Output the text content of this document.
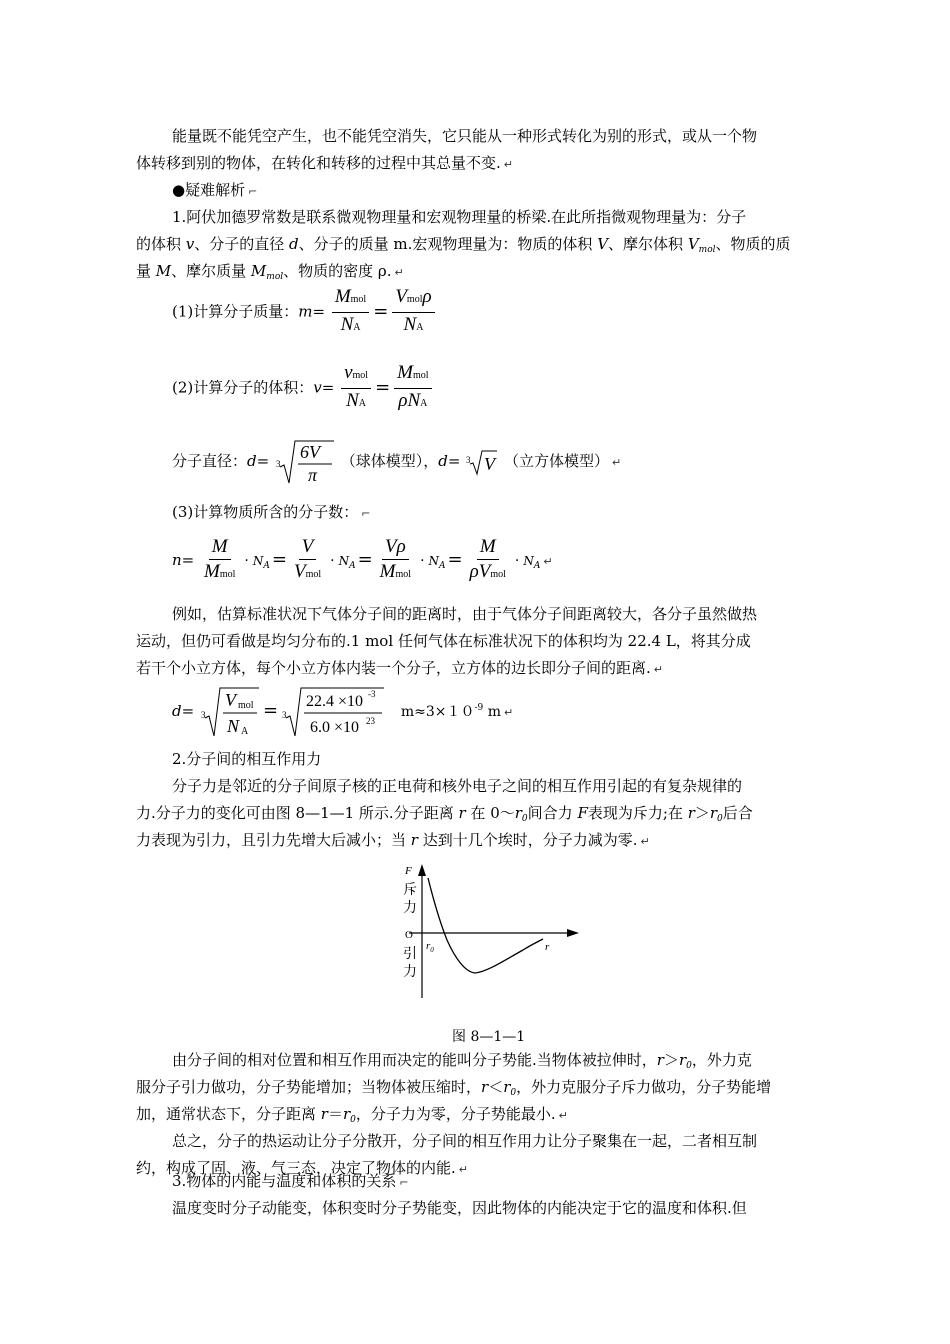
能量既不能凭空产生，也不能凭空消失，它只能从一种形式转化为别的形式，或从一个物
体转移到别的物体，在转化和转移的过程中其总量不变. ↵
●疑难解析 ⌐
1.阿伏加德罗常数是联系微观物理量和宏观物理量的桥梁.在此所指微观物理量为：分子
的体积 v、分子的直径 d、分子的质量 m.宏观物理量为：物质的体积 V、摩尔体积 $V_{mol}$、物质的质
量 M、摩尔质量 $M_{mol}$、物质的密度 ρ. ↵
(1)计算分子质量：$m= \frac{\text{Mmol}}{NA} = \frac{\text{Vmolρ}}{NA}$
(2)计算分子的体积：$v= \frac{\text{vmol}}{NA} = \frac{\text{Mmol}}{\text{ρNA}}$
分子直径：d= 3
6V
π
（球体模型），d= 3 V （立方体模型） ↵
(3)计算物质所含的分子数： ⌐
$n= \frac{M}{\text{Mmol}} \cdot N_A = \frac{V}{\text{Vmol}} \cdot N_A = \frac{V\rho}{\text{Mmol}} \cdot N_A = \frac{M}{\text{ρVmol}} \cdot N_A$ ↵
例如，估算标准状况下气体分子间的距离时，由于气体分子间距离较大，各分子虽然做热
运动，但仍可看做是均匀分布的.1 mol 任何气体在标准状况下的体积均为 22.4 L，将其分成
若干个小立方体，每个小立方体内装一个分子，立方体的边长即分子间的距离. ↵
d= 3
V mol
N A
= 3
22.4 ×10 -3
6.0 ×10 23
$m\approx 3\times 10^{-9}$ m ↵
2.分子间的相互作用力
分子力是邻近的分子间原子核的正电荷和核外电子之间的相互作用引起的有复杂规律的
力.分子力的变化可由图 8—1—1 所示.分子距离 r 在 $0\sim r_0$间合力 F表现为斥力;在 $r>r_0$后合
力表现为引力，且引力先增大后减小；当 r 达到十几个埃时，分子力减为零. ↵
F
斥
力
O
$r_0$	r
引
力
图 8—1—1
由分子间的相对位置和相互作用而决定的能叫分子势能.当物体被拉伸时，$r>r_0$，外力克
服分子引力做功，分子势能增加；当物体被压缩时，$r<r_0$，外力克服分子斥力做功，分子势能增
加，通常状态下，分子距离 $r=r_0$，分子力为零，分子势能最小. ↵
总之，分子的热运动让分子分散开，分子间的相互作用力让分子聚集在一起，二者相互制
约，构成了固、液、气三态，决定了物体的内能. ↵
3.物体的内能与温度和体积的关系 ⌐
温度变时分子动能变，体积变时分子势能变，因此物体的内能决定于它的温度和体积.但
